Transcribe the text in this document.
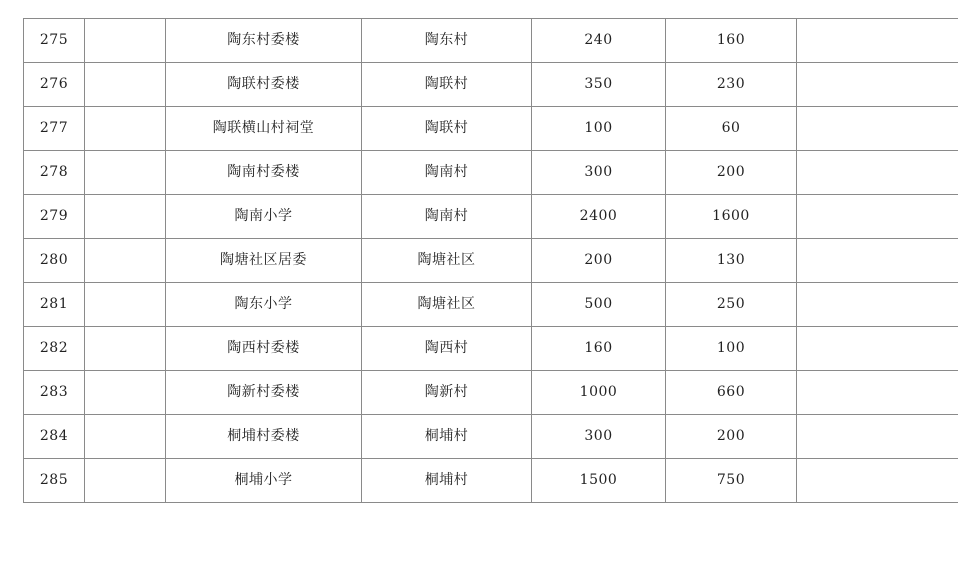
275		陶东村委楼	陶东村	240	160	
276		陶联村委楼	陶联村	350	230	
277		陶联横山村祠堂	陶联村	100	60	
278		陶南村委楼	陶南村	300	200	
279		陶南小学	陶南村	2400	1600	
280		陶塘社区居委	陶塘社区	200	130	
281		陶东小学	陶塘社区	500	250	
282		陶西村委楼	陶西村	160	100	
283		陶新村委楼	陶新村	1000	660	
284		桐埔村委楼	桐埔村	300	200	
285		桐埔小学	桐埔村	1500	750	
